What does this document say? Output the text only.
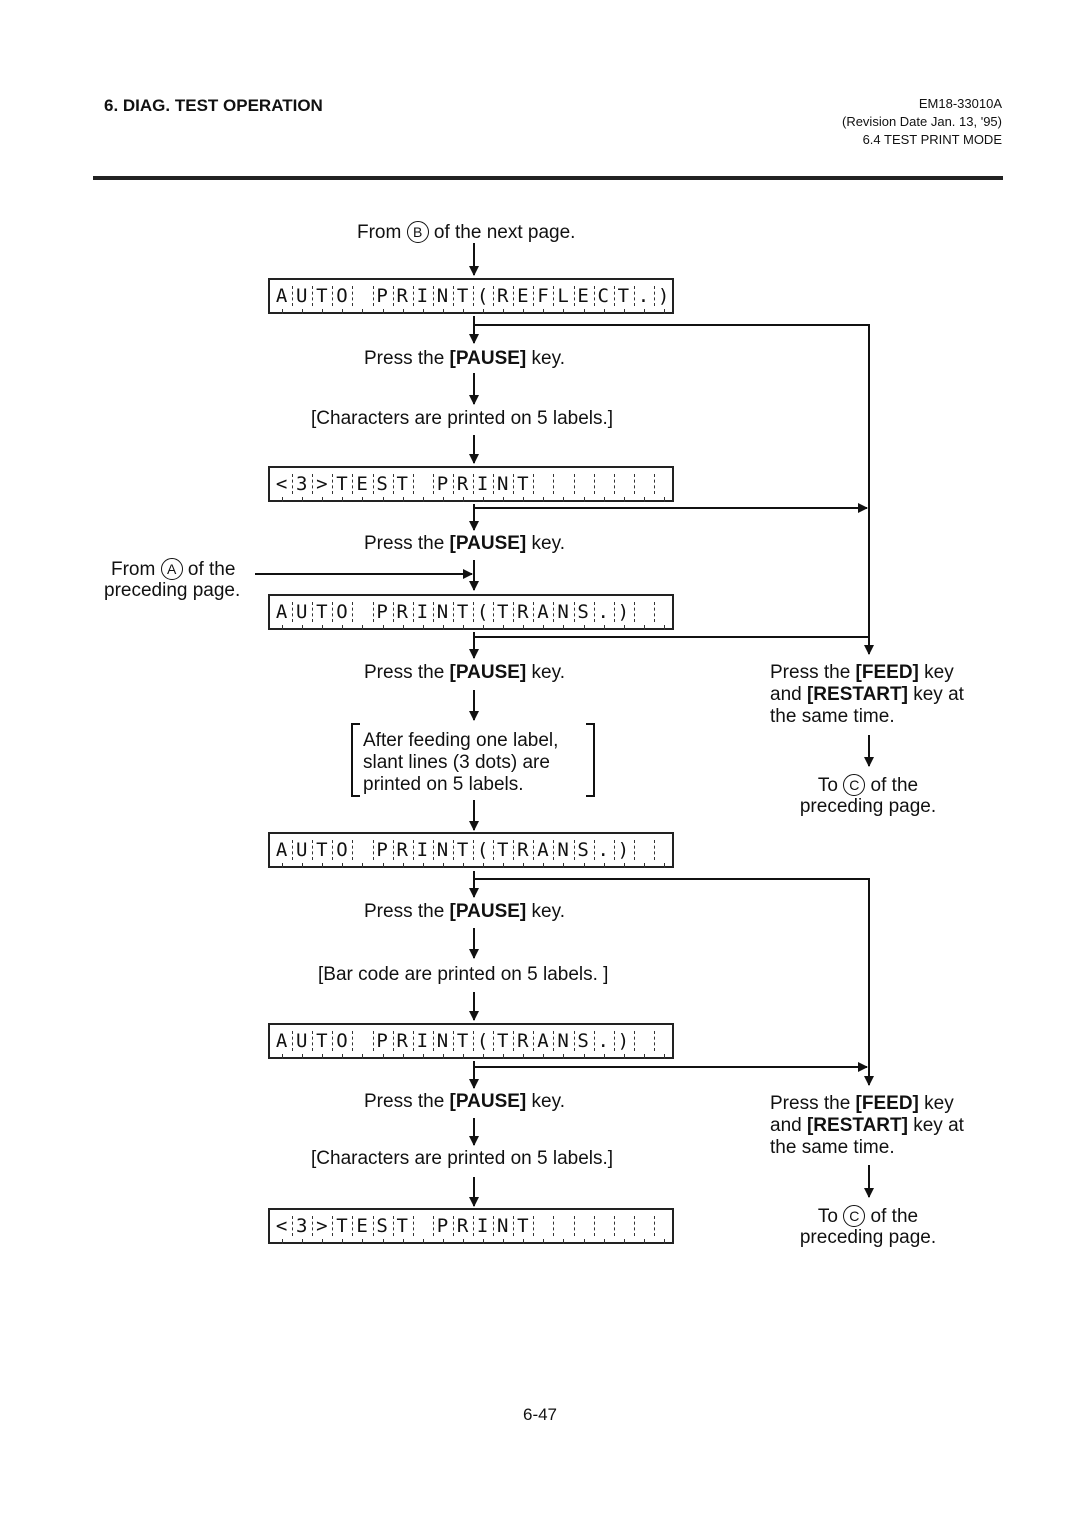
6. DIAG. TEST OPERATION	EM18-33010A
(Revision Date Jan. 13, '95)
6.4 TEST PRINT MODE
A U T O P R I N T ( R E F L E C T . )
< 3 > T E S T P R I N T
A U T O P R I N T ( T R A N S . )
A U T O P R I N T ( T R A N S . )
A U T O P R I N T ( T R A N S . )
< 3 > T E S T P R I N T
From B of the next page.
Press the [PAUSE] key.
[Characters are printed on 5 labels.]
Press the [PAUSE] key.
From A of the
preceding page.
Press the [PAUSE] key.
After feeding one label,
slant lines (3 dots) are
printed on 5 labels.
Press the [PAUSE] key.
[Bar code are printed on 5 labels. ]
Press the [PAUSE] key.
[Characters are printed on 5 labels.]
Press the [FEED] key
and [RESTART] key at
the same time.
To C of the
preceding page.
Press the [FEED] key
and [RESTART] key at
the same time.
To C of the
preceding page.
6-47
